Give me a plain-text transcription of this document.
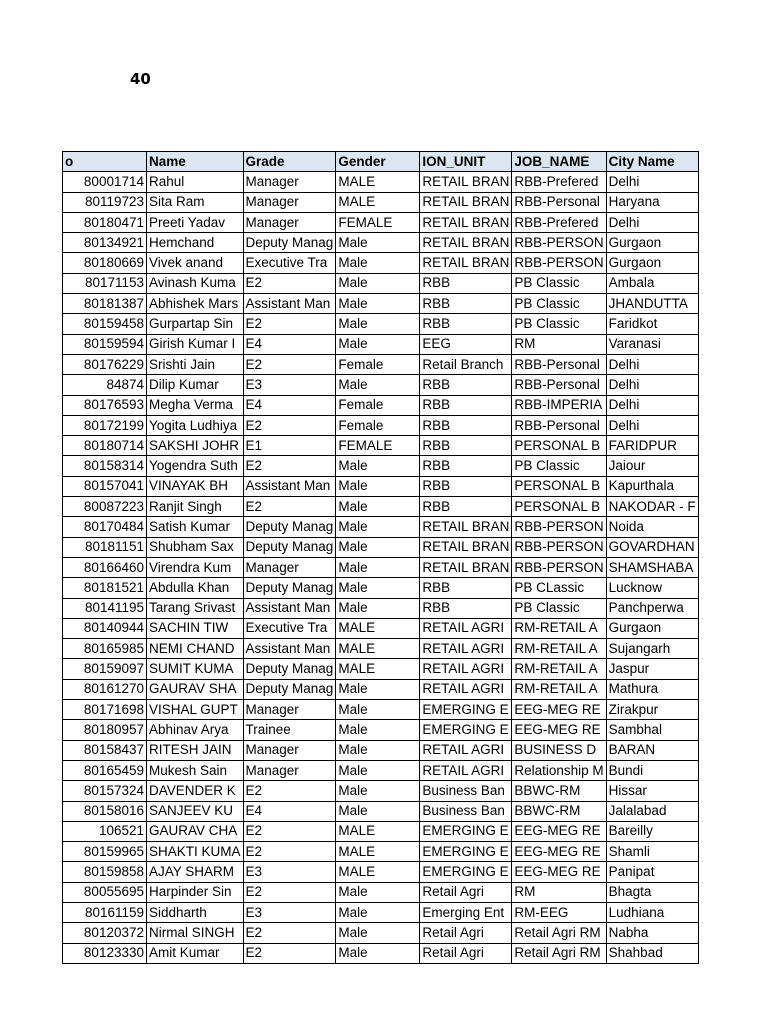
40
o	Name	Grade	Gender	ION_UNIT	JOB_NAME	City Name
80001714	Rahul	Manager	MALE	RETAIL BRAN	RBB-Prefered	Delhi
80119723	Sita Ram	Manager	MALE	RETAIL BRAN	RBB-Personal	Haryana
80180471	Preeti Yadav	Manager	FEMALE	RETAIL BRAN	RBB-Prefered	Delhi
80134921	Hemchand	Deputy Manag	Male	RETAIL BRAN	RBB-PERSON	Gurgaon
80180669	Vivek anand	Executive Tra	Male	RETAIL BRAN	RBB-PERSON	Gurgaon
80171153	Avinash Kuma	E2	Male	RBB	PB Classic	Ambala
80181387	Abhishek Mars	Assistant Man	Male	RBB	PB Classic	JHANDUTTA
80159458	Gurpartap Sin	E2	Male	RBB	PB Classic	Faridkot
80159594	Girish Kumar I	E4	Male	EEG	RM	Varanasi
80176229	Srishti Jain	E2	Female	Retail Branch	RBB-Personal	Delhi
84874	Dilip Kumar	E3	Male	RBB	RBB-Personal	Delhi
80176593	Megha Verma	E4	Female	RBB	RBB-IMPERIA	Delhi
80172199	Yogita Ludhiya	E2	Female	RBB	RBB-Personal	Delhi
80180714	SAKSHI JOHR	E1	FEMALE	RBB	PERSONAL B	FARIDPUR
80158314	Yogendra Suth	E2	Male	RBB	PB Classic	Jaiour
80157041	VINAYAK BH	Assistant Man	Male	RBB	PERSONAL B	Kapurthala
80087223	Ranjit Singh	E2	Male	RBB	PERSONAL B	NAKODAR - F
80170484	Satish Kumar	Deputy Manag	Male	RETAIL BRAN	RBB-PERSON	Noida
80181151	Shubham Sax	Deputy Manag	Male	RETAIL BRAN	RBB-PERSON	GOVARDHAN
80166460	Virendra Kum	Manager	Male	RETAIL BRAN	RBB-PERSON	SHAMSHABA
80181521	Abdulla Khan	Deputy Manag	Male	RBB	PB CLassic	Lucknow
80141195	Tarang Srivast	Assistant Man	Male	RBB	PB Classic	Panchperwa
80140944	SACHIN TIW	Executive Tra	MALE	RETAIL AGRI	RM-RETAIL A	Gurgaon
80165985	NEMI CHAND	Assistant Man	MALE	RETAIL AGRI	RM-RETAIL A	Sujangarh
80159097	SUMIT KUMA	Deputy Manag	MALE	RETAIL AGRI	RM-RETAIL A	Jaspur
80161270	GAURAV SHA	Deputy Manag	Male	RETAIL AGRI	RM-RETAIL A	Mathura
80171698	VISHAL GUPT	Manager	Male	EMERGING E	EEG-MEG RE	Zirakpur
80180957	Abhinav Arya	Trainee	Male	EMERGING E	EEG-MEG RE	Sambhal
80158437	RITESH JAIN	Manager	Male	RETAIL AGRI	BUSINESS D	BARAN
80165459	Mukesh Sain	Manager	Male	RETAIL AGRI	Relationship M	Bundi
80157324	DAVENDER K	E2	Male	Business Ban	BBWC-RM	Hissar
80158016	SANJEEV KU	E4	Male	Business Ban	BBWC-RM	Jalalabad
106521	GAURAV CHA	E2	MALE	EMERGING E	EEG-MEG RE	Bareilly
80159965	SHAKTI KUMA	E2	MALE	EMERGING E	EEG-MEG RE	Shamli
80159858	AJAY SHARM	E3	MALE	EMERGING E	EEG-MEG RE	Panipat
80055695	Harpinder Sin	E2	Male	Retail Agri	RM	Bhagta
80161159	Siddharth	E3	Male	Emerging Ent	RM-EEG	Ludhiana
80120372	Nirmal SINGH	E2	Male	Retail Agri	Retail Agri RM	Nabha
80123330	Amit Kumar	E2	Male	Retail Agri	Retail Agri RM	Shahbad
